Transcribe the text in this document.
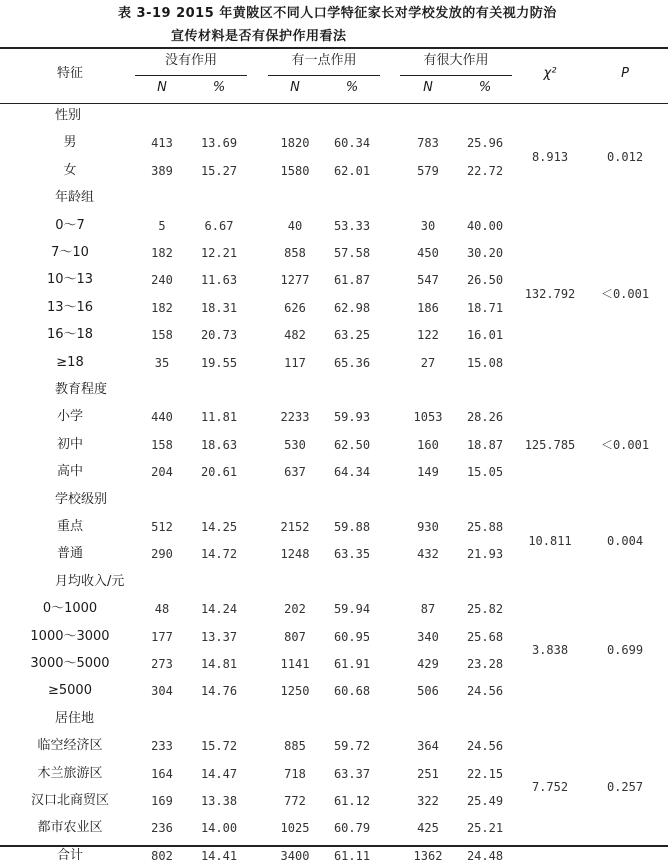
表 3-19 2015 年黄陂区不同人口学特征家长对学校发放的有关视力防治
宣传材料是否有保护作用看法
特征
没有作用	有一点作用	有很大作用
N	%	N	%	N	%
χ²	P
性别
男	413	13.69	1820	60.34	783	25.96
女	389	15.27	1580	62.01	579	22.72
8.913	0.012
年龄组
0～7	5	6.67	40	53.33	30	40.00
7～10	182	12.21	858	57.58	450	30.20
10～13	240	11.63	1277	61.87	547	26.50
13～16	182	18.31	626	62.98	186	18.71
16～18	158	20.73	482	63.25	122	16.01
≥18	35	19.55	117	65.36	27	15.08
132.792	＜0.001
教育程度
小学	440	11.81	2233	59.93	1053	28.26
初中	158	18.63	530	62.50	160	18.87
高中	204	20.61	637	64.34	149	15.05
125.785	＜0.001
学校级别
重点	512	14.25	2152	59.88	930	25.88
普通	290	14.72	1248	63.35	432	21.93
10.811	0.004
月均收入/元
0～1000	48	14.24	202	59.94	87	25.82
1000～3000	177	13.37	807	60.95	340	25.68
3000～5000	273	14.81	1141	61.91	429	23.28
≥5000	304	14.76	1250	60.68	506	24.56
3.838	0.699
居住地
临空经济区	233	15.72	885	59.72	364	24.56
木兰旅游区	164	14.47	718	63.37	251	22.15
汉口北商贸区	169	13.38	772	61.12	322	25.49
都市农业区	236	14.00	1025	60.79	425	25.21
7.752	0.257
合计	802	14.41	3400	61.11	1362	24.48
